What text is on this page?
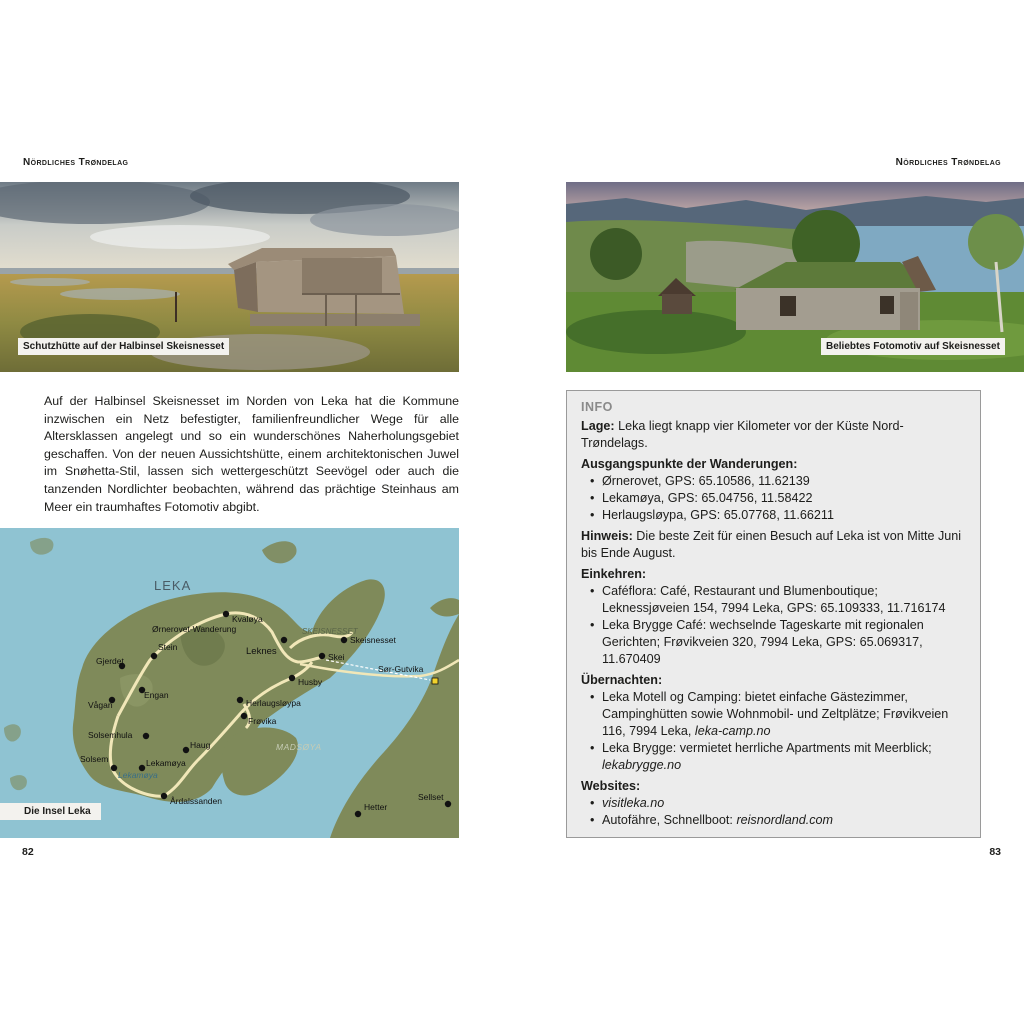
Nördliches Trøndelag	Nördliches Trøndelag
Schutzhütte auf der Halbinsel Skeisnesset	Beliebtes Fotomotiv auf Skeisnesset

Auf der Halbinsel Skeisnesset im Norden von Leka hat die Kommune inzwischen ein Netz befestigter, familienfreundlicher Wege für alle Altersklassen angelegt und so ein wunderschönes Naherholungsgebiet geschaffen. Von der neuen Aussichtshütte, einem architektonischen Juwel im Snøhetta-Stil, lassen sich wettergeschützt Seevögel oder auch die tanzenden Nordlichter beobachten, während das prächtige Steinhaus am Meer ein traumhaftes Fotomotiv abgibt.

LEKA
SKEISNESSET
MADSØYA
Kvaløya
Ørnerovet-Wanderung
Stein
Gjerdet
Leknes
Skeisnesset
Skei
Sør-Gutvika
Husby
Engan
Vågan	Herlaugsløypa
Frøvika
Solsemhula
Haug
Lekamøya
Lekamøya
Solsem
Årdalssanden
Hetter
Sellset
Die Insel Leka
INFO

Lage: Leka liegt knapp vier Kilometer vor der Küste Nord-Trøndelags.

Ausgangspunkte der Wanderungen:
• Ørnerovet, GPS: 65.10586, 11.62139
• Lekamøya, GPS: 65.04756, 11.58422
• Herlaugsløypa, GPS: 65.07768, 11.66211

Hinweis: Die beste Zeit für einen Besuch auf Leka ist von Mitte Juni bis Ende August.

Einkehren:
• Caféflora: Café, Restaurant und Blumenboutique; Leknessjøveien 154, 7994 Leka, GPS: 65.109333, 11.716174
• Leka Brygge Café: wechselnde Tageskarte mit regionalen Gerichten; Frøvikveien 320, 7994 Leka, GPS: 65.069317, 11.670409
Übernachten:
• Leka Motell og Camping: bietet einfache Gästezimmer, Campinghütten sowie Wohnmobil- und Zeltplätze; Frøvikveien 116, 7994 Leka, leka-camp.no
• Leka Brygge: vermietet herrliche Apartments mit Meerblick; lekabrygge.no
Websites:
• visitleka.no
• Autofähre, Schnellboot: reisnordland.com
82	83
